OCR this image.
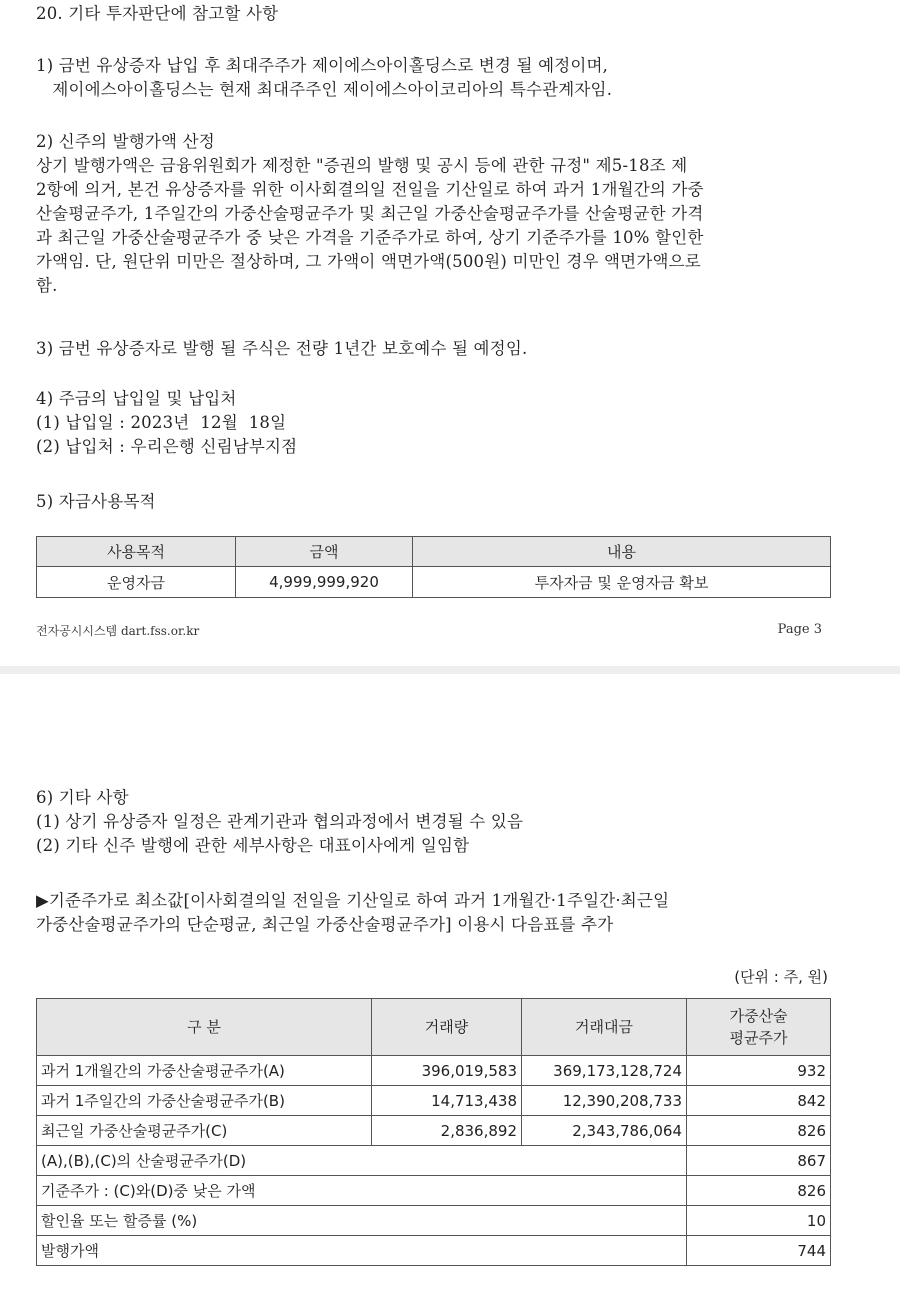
20. 기타 투자판단에 참고할 사항
1) 금번 유상증자 납입 후 최대주주가 제이에스아이홀딩스로 변경 될 예정이며,
제이에스아이홀딩스는 현재 최대주주인 제이에스아이코리아의 특수관계자임.
2) 신주의 발행가액 산정
상기 발행가액은 금융위원회가 제정한 "증권의 발행 및 공시 등에 관한 규정" 제5-18조 제
2항에 의거, 본건 유상증자를 위한 이사회결의일 전일을 기산일로 하여 과거 1개월간의 가중
산술평균주가, 1주일간의 가중산술평균주가 및 최근일 가중산술평균주가를 산술평균한 가격
과 최근일 가중산술평균주가 중 낮은 가격을 기준주가로 하여, 상기 기준주가를 10% 할인한
가액임. 단, 원단위 미만은 절상하며, 그 가액이 액면가액(500원) 미만인 경우 액면가액으로
함.
3) 금번 유상증자로 발행 될 주식은 전량 1년간 보호예수 될 예정임.
4) 주금의 납입일 및 납입처
(1) 납입일 : 2023년  12월  18일
(2) 납입처 : 우리은행 신림남부지점
5) 자금사용목적
사용목적	금액	내용
운영자금	4,999,999,920	투자자금 및 운영자금 확보
전자공시시스템 dart.fss.or.kr	Page 3
6) 기타 사항
(1) 상기 유상증자 일정은 관계기관과 협의과정에서 변경될 수 있음
(2) 기타 신주 발행에 관한 세부사항은 대표이사에게 일임함
▶기준주가로 최소값[이사회결의일 전일을 기산일로 하여 과거 1개월간·1주일간·최근일
가중산술평균주가의 단순평균, 최근일 가중산술평균주가] 이용시 다음표를 추가
(단위 : 주, 원)
구 분	거래량	거래대금	가중산술
평균주가
과거 1개월간의 가중산술평균주가(A)	396,019,583	369,173,128,724	932
과거 1주일간의 가중산술평균주가(B)	14,713,438	12,390,208,733	842
최근일 가중산술평균주가(C)	2,836,892	2,343,786,064	826
(A),(B),(C)의 산술평균주가(D)			867
기준주가 : (C)와(D)중 낮은 가액			826
할인율 또는 할증률 (%)			10
발행가액			744
